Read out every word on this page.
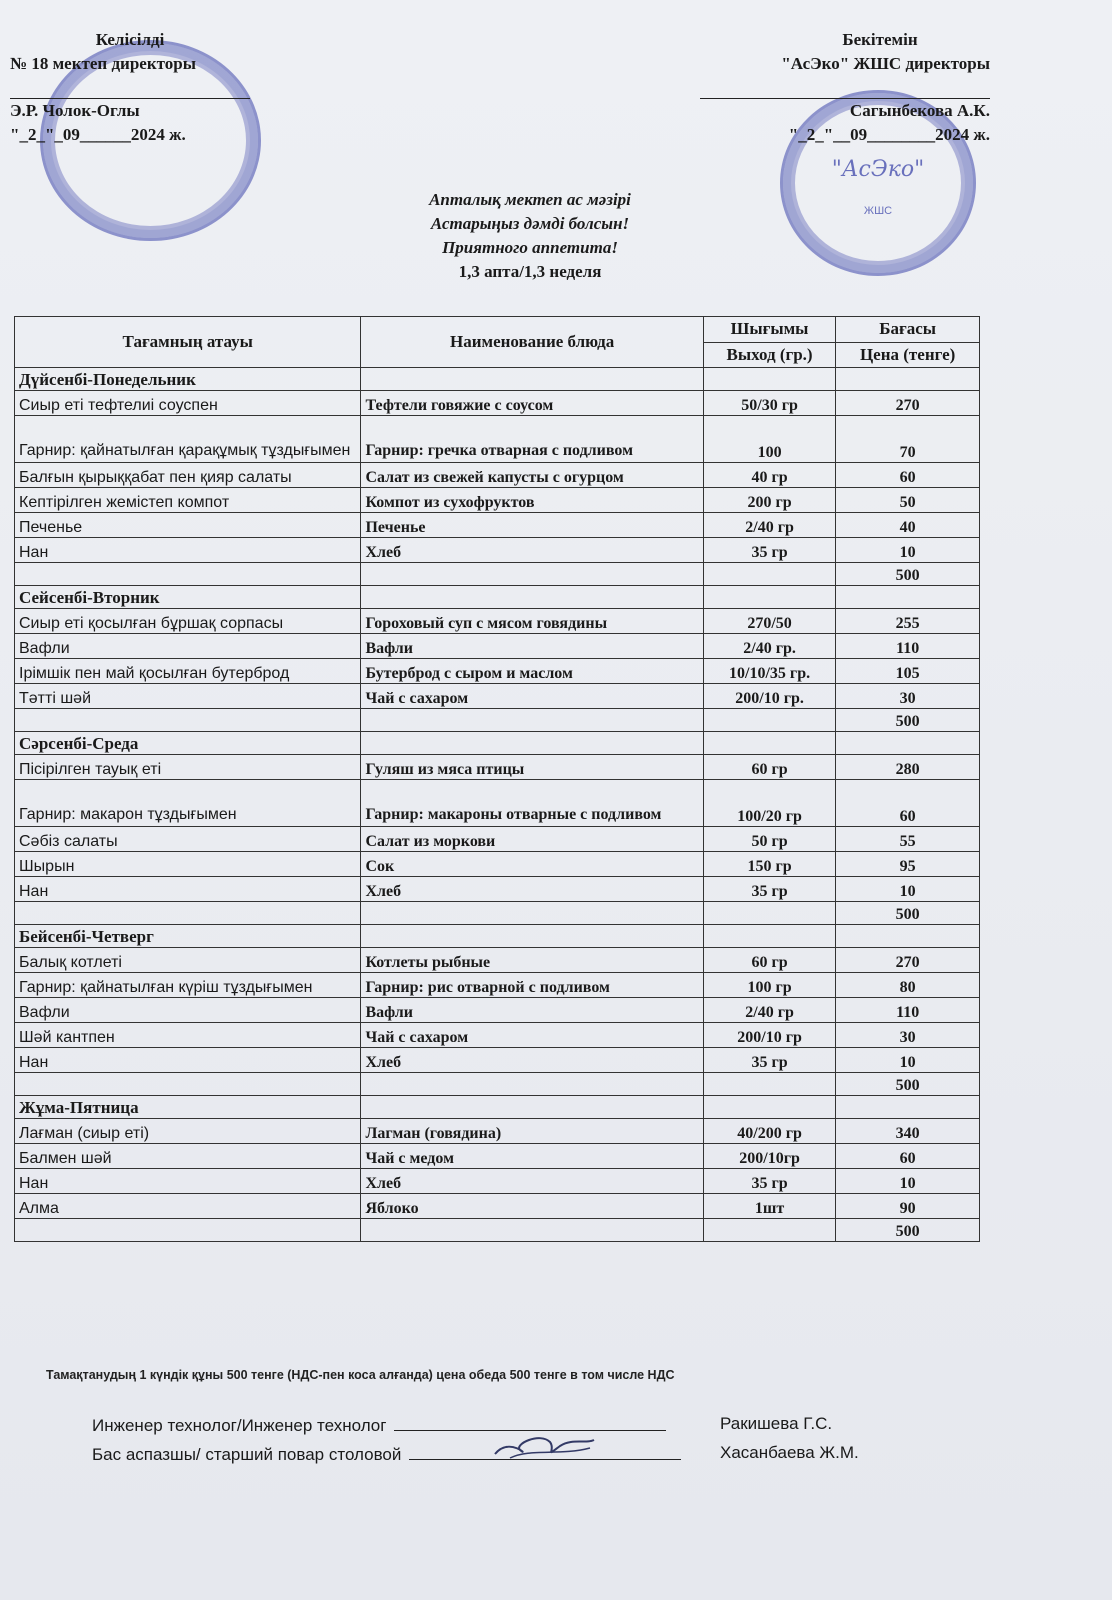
"АсЭко"
ЖШС
Келісілді
№ 18 мектеп директоры
Э.Р. Чолок-Оглы
"_2_"_09______2024 ж.
Бекітемін
"АсЭко" ЖШС директоры
Сагынбекова А.К.
"_2_"__09________2024 ж.
Апталық мектеп ас мәзірі
Астарыңыз дәмді болсын!
Приятного аппетита!
1,3 апта/1,3 неделя
Тағамның атауы	Наименование блюда	Шығымы	Бағасы
		Выход (гр.)	Цена (тенге)
Дүйсенбі-Понедельник			
Сиыр еті тефтелиі соуспен	Тефтели говяжие с соусом	50/30 гр	270
Гарнир: қайнатылған қарақұмық тұздығымен	Гарнир: гречка отварная с подливом	100	70
Балғын қырыққабат пен қияр салаты	Салат из свежей капусты с огурцом	40 гр	60
Кептірілген жемістеп компот	Компот из сухофруктов	200 гр	50
Печенье	Печенье	2/40 гр	40
Нан	Хлеб	35 гр	10
			500
Сейсенбі-Вторник			
Сиыр еті қосылған бұршақ сорпасы	Гороховый суп с мясом говядины	270/50	255
Вафли	Вафли	2/40 гр.	110
Ірімшік пен май қосылған бутерброд	Бутерброд с сыром и маслом	10/10/35 гр.	105
Тәтті шәй	Чай с сахаром	200/10 гр.	30
			500
Сәрсенбі-Среда			
Пісірілген тауық еті	Гуляш из мяса птицы	60 гр	280
Гарнир: макарон тұздығымен	Гарнир: макароны отварные с подливом	100/20 гр	60
Сәбіз салаты	Салат из моркови	50 гр	55
Шырын	Сок	150 гр	95
Нан	Хлеб	35 гр	10
			500
Бейсенбі-Четверг			
Балық котлеті	Котлеты рыбные	60 гр	270
Гарнир: қайнатылған күріш тұздығымен	Гарнир: рис отварной с подливом	100 гр	80
Вафли	Вафли	2/40 гр	110
Шәй кантпен	Чай с сахаром	200/10 гр	30
Нан	Хлеб	35 гр	10
			500
Жұма-Пятница			
Лағман (сиыр еті)	Лагман (говядина)	40/200 гр	340
Балмен шәй	Чай с медом	200/10гр	60
Нан	Хлеб	35 гр	10
Алма	Яблоко	1шт	90
			500
Тамақтанудың 1 күндік құны 500 тенге (НДС-пен коса алғанда) цена обеда 500 тенге в том числе НДС
Инженер технолог/Инженер технолог	Ракишева Г.С.
Бас аспазшы/ старший повар столовой	Хасанбаева Ж.М.
